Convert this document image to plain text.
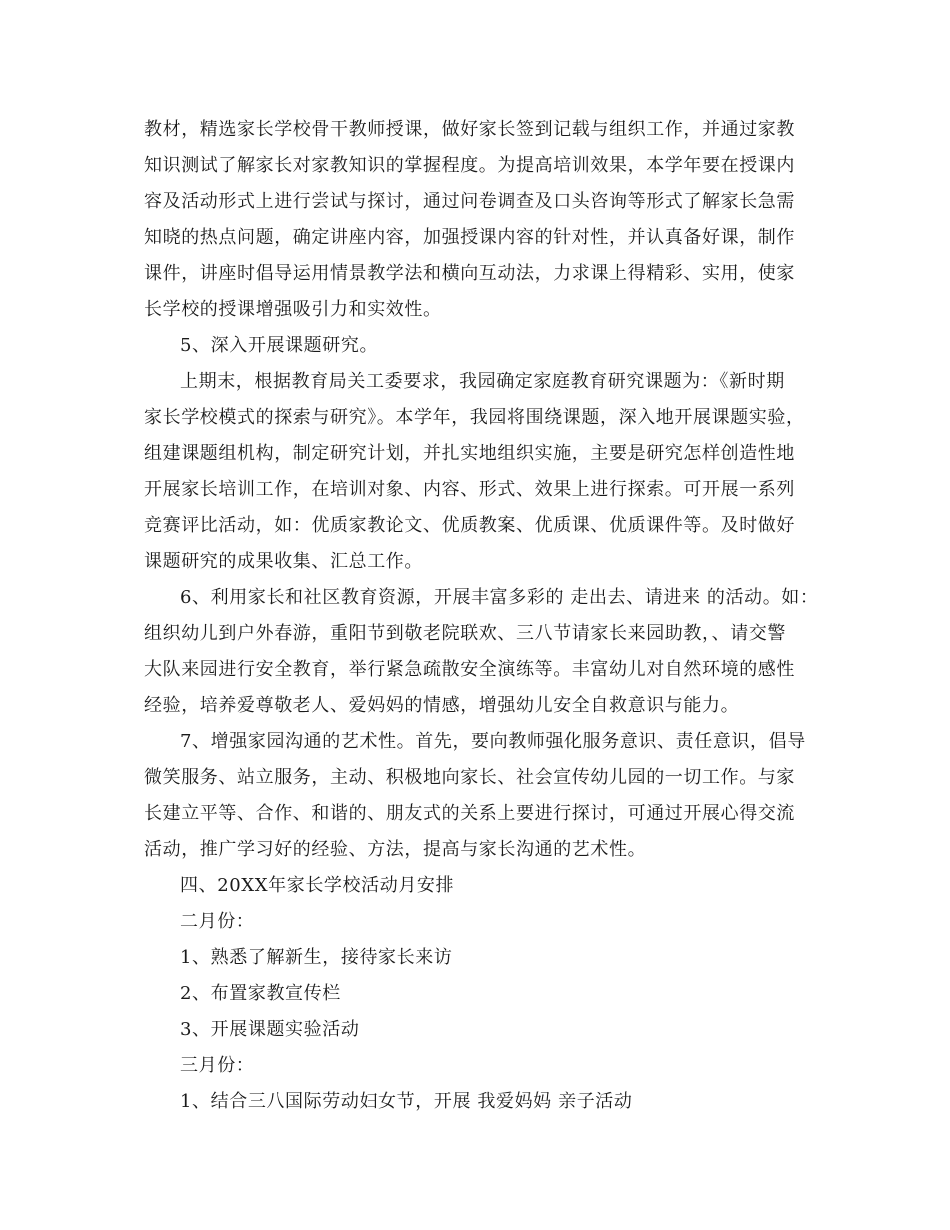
教材，精选家长学校骨干教师授课，做好家长签到记载与组织工作，并通过家教
知识测试了解家长对家教知识的掌握程度。为提高培训效果，本学年要在授课内
容及活动形式上进行尝试与探讨，通过问卷调查及口头咨询等形式了解家长急需
知晓的热点问题，确定讲座内容，加强授课内容的针对性，并认真备好课，制作
课件，讲座时倡导运用情景教学法和横向互动法，力求课上得精彩、实用，使家
长学校的授课增强吸引力和实效性。
5、深入开展课题研究。
上期末，根据教育局关工委要求，我园确定家庭教育研究课题为：《新时期
家长学校模式的探索与研究》。本学年，我园将围绕课题，深入地开展课题实验，
组建课题组机构，制定研究计划，并扎实地组织实施，主要是研究怎样创造性地
开展家长培训工作，在培训对象、内容、形式、效果上进行探索。可开展一系列
竞赛评比活动，如：优质家教论文、优质教案、优质课、优质课件等。及时做好
课题研究的成果收集、汇总工作。
6、利用家长和社区教育资源，开展丰富多彩的 走出去、请进来 的活动。如：
组织幼儿到户外春游，重阳节到敬老院联欢、三八节请家长来园助教，、请交警
大队来园进行安全教育，举行紧急疏散安全演练等。丰富幼儿对自然环境的感性
经验，培养爱尊敬老人、爱妈妈的情感，增强幼儿安全自救意识与能力。
7、增强家园沟通的艺术性。首先，要向教师强化服务意识、责任意识，倡导
微笑服务、站立服务，主动、积极地向家长、社会宣传幼儿园的一切工作。与家
长建立平等、合作、和谐的、朋友式的关系上要进行探讨，可通过开展心得交流
活动，推广学习好的经验、方法，提高与家长沟通的艺术性。
四、20XX年家长学校活动月安排
二月份：
1、熟悉了解新生，接待家长来访
2、布置家教宣传栏
3、开展课题实验活动
三月份：
1、结合三八国际劳动妇女节，开展 我爱妈妈 亲子活动
